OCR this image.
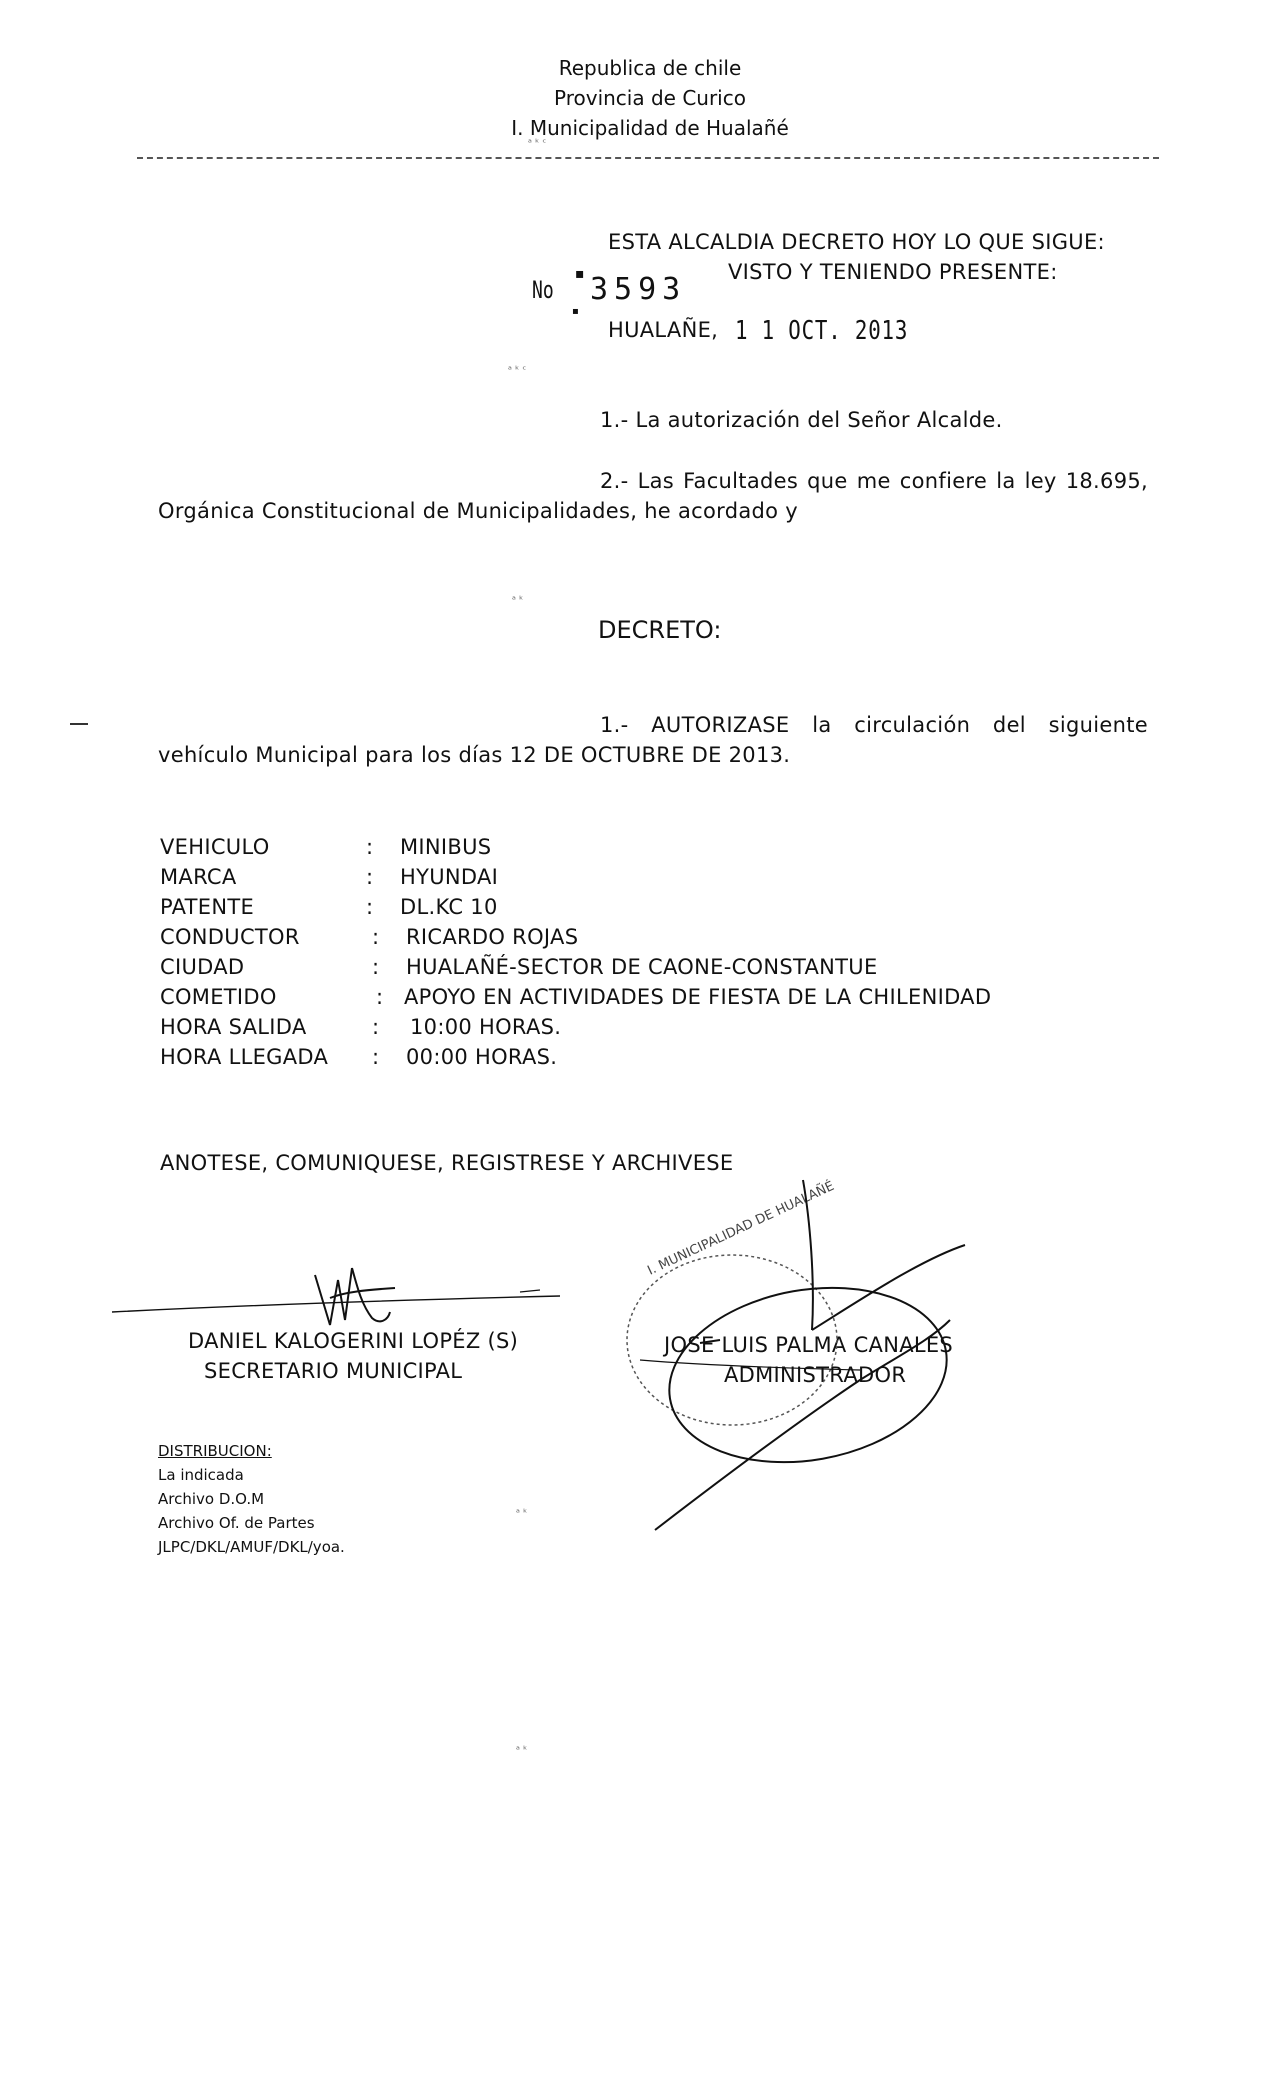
Republica de chile
Provincia de Curico
I. Municipalidad de Hualañé
ᵃ ᵏ ᶜ
ESTA ALCALDIA DECRETO HOY LO QUE SIGUE:
VISTO Y TENIENDO PRESENTE:
No
▪ 3593
▪
HUALAÑE, 1 1 OCT. 2013
ᵃ ᵏ ᶜ
1.- La autorización del Señor Alcalde.
2.- Las Facultades que me confiere la ley 18.695, Orgánica Constitucional de Municipalidades, he acordado y
ᵃ ᵏ
DECRETO:
1.- AUTORIZASE la circulación del siguiente vehículo Municipal para los días 12 DE OCTUBRE DE 2013.
VEHICULO	: MINIBUS
MARCA	: HYUNDAI
PATENTE	: DL.KC 10
CONDUCTOR	: RICARDO ROJAS
CIUDAD	: HUALAÑÉ-SECTOR DE CAONE-CONSTANTUE
COMETIDO	: APOYO EN ACTIVIDADES DE FIESTA DE LA CHILENIDAD
HORA SALIDA	: 10:00 HORAS.
HORA LLEGADA : 00:00 HORAS.
ANOTESE, COMUNIQUESE, REGISTRESE Y ARCHIVESE
DANIEL KALOGERINI LOPÉZ (S)
SECRETARIO MUNICIPAL
JOSE LUIS PALMA CANALES
ADMINISTRADOR
I. MUNICIPALIDAD DE HUALAÑÉ
DISTRIBUCION:
La indicada
Archivo D.O.M
Archivo Of. de Partes
JLPC/DKL/AMUF/DKL/yoa.
ᵃ ᵏ
ᵃ ᵏ
